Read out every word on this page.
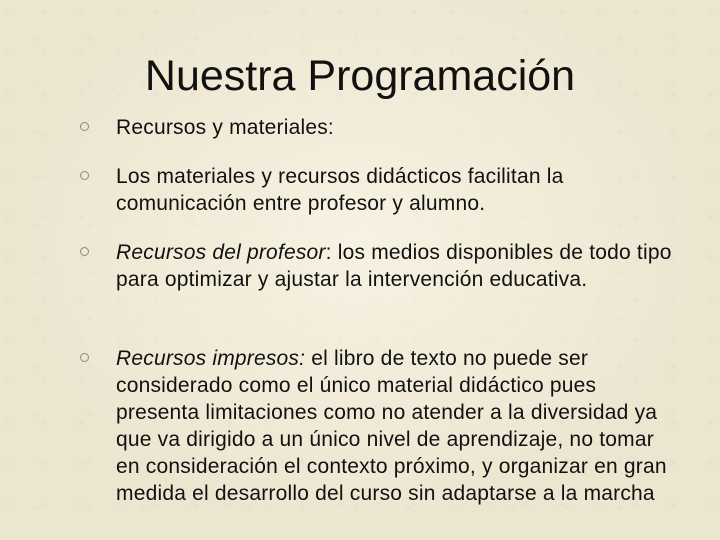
Nuestra Programación
Recursos y materiales:
Los materiales y recursos didácticos facilitan la comunicación entre profesor y alumno.
Recursos del profesor: los medios disponibles de todo tipo para optimizar y ajustar la intervención educativa.
Recursos impresos: el libro de texto no puede ser considerado como el único material didáctico pues presenta limitaciones como no atender a la diversidad ya que va dirigido a un único nivel de aprendizaje, no tomar en consideración el contexto próximo, y organizar en gran medida el desarrollo del curso sin adaptarse a la marcha
